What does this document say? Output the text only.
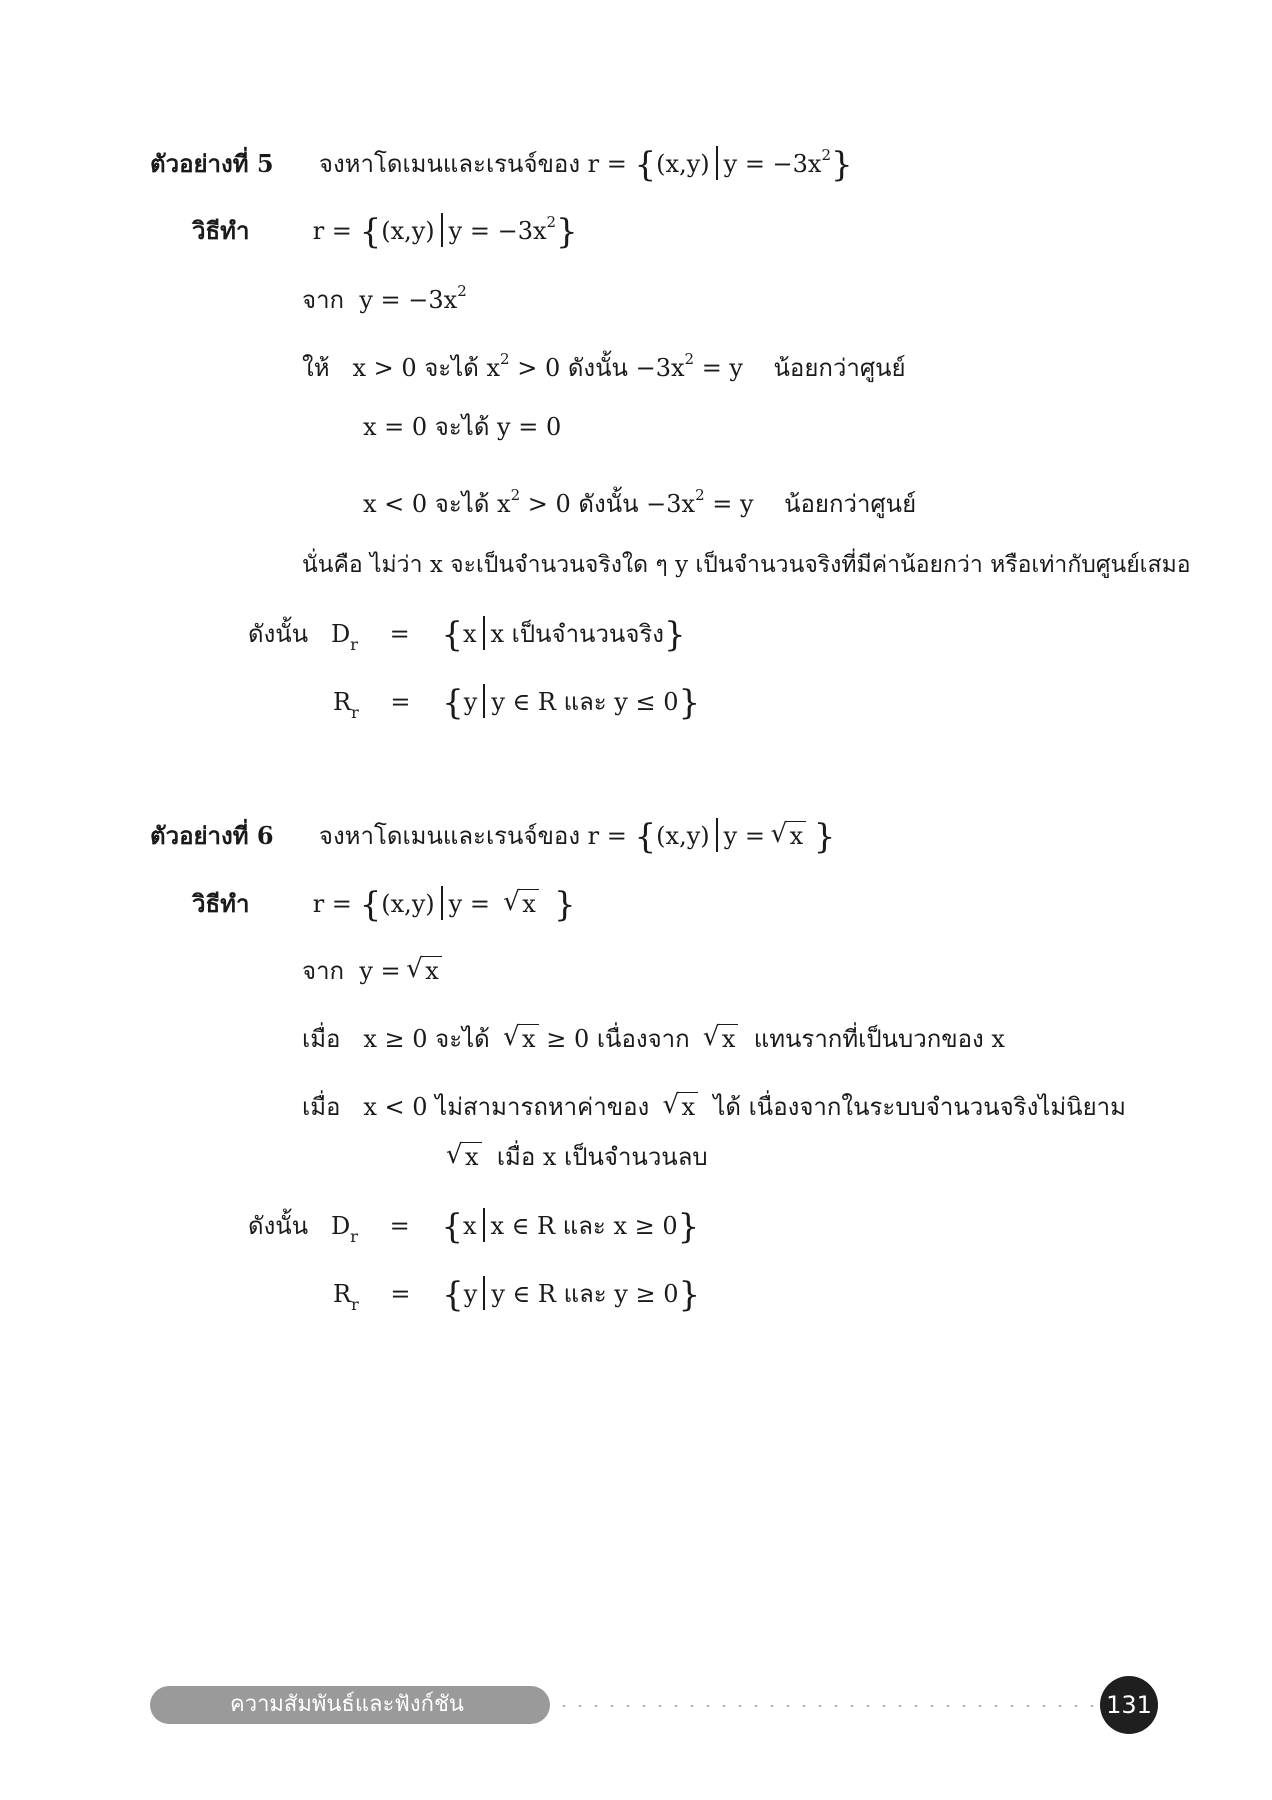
ตัวอย่างที่ 5 จงหาโดเมนและเรนจ์ของ r = {(x,y) $y = -3x^2$}
วิธีทำ	r = {(x,y) $y = -3x^2$}
จาก $y = -3x^2$
ให้ x > 0 จะได้ $x^2 > 0$ ดังนั้น $-3x^2 = y$ น้อยกว่าศูนย์
x = 0 จะได้ y = 0
x < 0 จะได้ $x^2 > 0$ ดังนั้น $-3x^2 = y$ น้อยกว่าศูนย์
นั่นคือ ไม่ว่า x จะเป็นจำนวนจริงใด ๆ y เป็นจำนวนจริงที่มีค่าน้อยกว่า หรือเท่ากับศูนย์เสมอ
ดังนั้น $D_r = \{x$ x เป็นจำนวนจริง}
$R_r = \{y$ y ∈ R และ y ≤ 0}
ตัวอย่างที่ 6 จงหาโดเมนและเรนจ์ของ r = {(x,y) y = √ x }
วิธีทำ	r = {(x,y) y = √ x }
จาก y = √ x
เมื่อ x ≥ 0 จะได้ √ x ≥ 0 เนื่องจาก √ x แทนรากที่เป็นบวกของ x
เมื่อ x < 0 ไม่สามารถหาค่าของ √ x ได้ เนื่องจากในระบบจำนวนจริงไม่นิยาม
√ x เมื่อ x เป็นจำนวนลบ
ดังนั้น $D_r = \{x$ x ∈ R และ x ≥ 0}
$R_r = \{y$ y ∈ R และ y ≥ 0}
ความสัมพันธ์และฟังก์ชัน	131
